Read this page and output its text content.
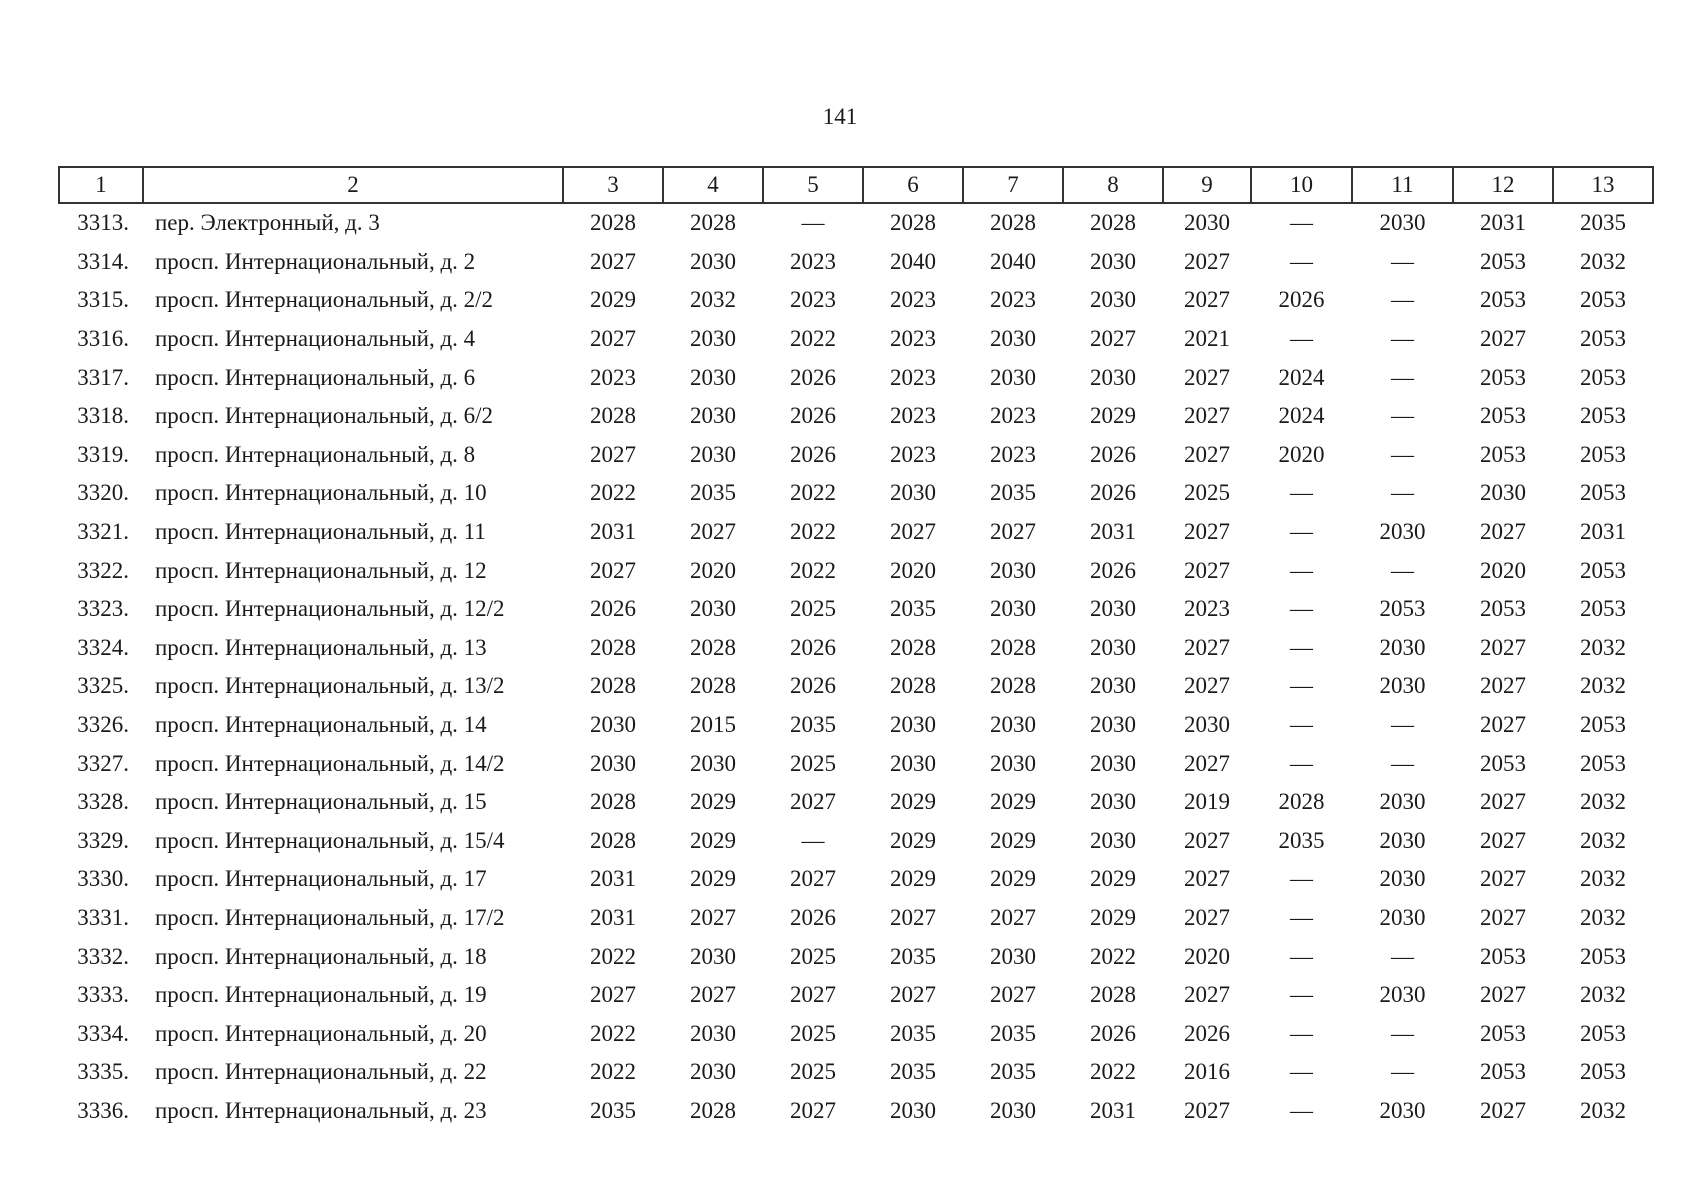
141
1	2	3	4	5	6	7	8	9	10	11	12	13
3313.	пер. Электронный, д. 3	2028	2028	—	2028	2028	2028	2030	—	2030	2031	2035
3314.	просп. Интернациональный, д. 2	2027	2030	2023	2040	2040	2030	2027	—	—	2053	2032
3315.	просп. Интернациональный, д. 2/2	2029	2032	2023	2023	2023	2030	2027	2026	—	2053	2053
3316.	просп. Интернациональный, д. 4	2027	2030	2022	2023	2030	2027	2021	—	—	2027	2053
3317.	просп. Интернациональный, д. 6	2023	2030	2026	2023	2030	2030	2027	2024	—	2053	2053
3318.	просп. Интернациональный, д. 6/2	2028	2030	2026	2023	2023	2029	2027	2024	—	2053	2053
3319.	просп. Интернациональный, д. 8	2027	2030	2026	2023	2023	2026	2027	2020	—	2053	2053
3320.	просп. Интернациональный, д. 10	2022	2035	2022	2030	2035	2026	2025	—	—	2030	2053
3321.	просп. Интернациональный, д. 11	2031	2027	2022	2027	2027	2031	2027	—	2030	2027	2031
3322.	просп. Интернациональный, д. 12	2027	2020	2022	2020	2030	2026	2027	—	—	2020	2053
3323.	просп. Интернациональный, д. 12/2	2026	2030	2025	2035	2030	2030	2023	—	2053	2053	2053
3324.	просп. Интернациональный, д. 13	2028	2028	2026	2028	2028	2030	2027	—	2030	2027	2032
3325.	просп. Интернациональный, д. 13/2	2028	2028	2026	2028	2028	2030	2027	—	2030	2027	2032
3326.	просп. Интернациональный, д. 14	2030	2015	2035	2030	2030	2030	2030	—	—	2027	2053
3327.	просп. Интернациональный, д. 14/2	2030	2030	2025	2030	2030	2030	2027	—	—	2053	2053
3328.	просп. Интернациональный, д. 15	2028	2029	2027	2029	2029	2030	2019	2028	2030	2027	2032
3329.	просп. Интернациональный, д. 15/4	2028	2029	—	2029	2029	2030	2027	2035	2030	2027	2032
3330.	просп. Интернациональный, д. 17	2031	2029	2027	2029	2029	2029	2027	—	2030	2027	2032
3331.	просп. Интернациональный, д. 17/2	2031	2027	2026	2027	2027	2029	2027	—	2030	2027	2032
3332.	просп. Интернациональный, д. 18	2022	2030	2025	2035	2030	2022	2020	—	—	2053	2053
3333.	просп. Интернациональный, д. 19	2027	2027	2027	2027	2027	2028	2027	—	2030	2027	2032
3334.	просп. Интернациональный, д. 20	2022	2030	2025	2035	2035	2026	2026	—	—	2053	2053
3335.	просп. Интернациональный, д. 22	2022	2030	2025	2035	2035	2022	2016	—	—	2053	2053
3336.	просп. Интернациональный, д. 23	2035	2028	2027	2030	2030	2031	2027	—	2030	2027	2032
